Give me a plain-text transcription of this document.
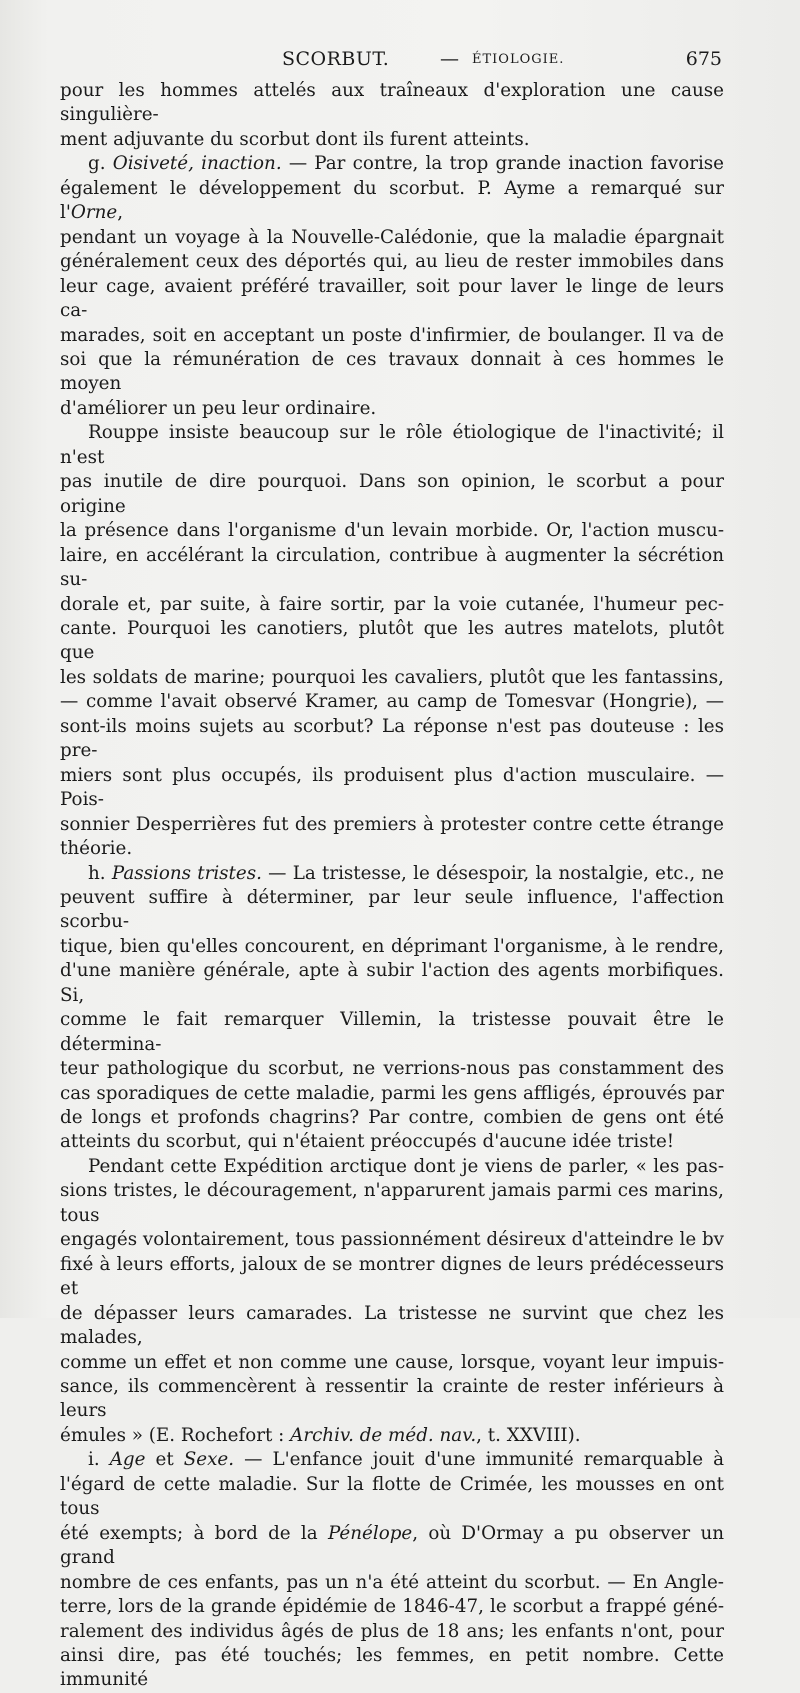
SCORBUT.	— ÉTIOLOGIE.	675

pour les hommes attelés aux traîneaux d'exploration une cause singulière-

ment adjuvante du scorbut dont ils furent atteints.

g. Oisiveté, inaction. — Par contre, la trop grande inaction favorise

également le développement du scorbut. P. Ayme a remarqué sur l'Orne,

pendant un voyage à la Nouvelle-Calédonie, que la maladie épargnait

généralement ceux des déportés qui, au lieu de rester immobiles dans

leur cage, avaient préféré travailler, soit pour laver le linge de leurs ca-

marades, soit en acceptant un poste d'infirmier, de boulanger. Il va de

soi que la rémunération de ces travaux donnait à ces hommes le moyen

d'améliorer un peu leur ordinaire.

Rouppe insiste beaucoup sur le rôle étiologique de l'inactivité; il n'est

pas inutile de dire pourquoi. Dans son opinion, le scorbut a pour origine

la présence dans l'organisme d'un levain morbide. Or, l'action muscu-

laire, en accélérant la circulation, contribue à augmenter la sécrétion su-

dorale et, par suite, à faire sortir, par la voie cutanée, l'humeur pec-

cante. Pourquoi les canotiers, plutôt que les autres matelots, plutôt que

les soldats de marine; pourquoi les cavaliers, plutôt que les fantassins,

— comme l'avait observé Kramer, au camp de Tomesvar (Hongrie), —

sont-ils moins sujets au scorbut? La réponse n'est pas douteuse : les pre-

miers sont plus occupés, ils produisent plus d'action musculaire. — Pois-

sonnier Desperrières fut des premiers à protester contre cette étrange

théorie.

h. Passions tristes. — La tristesse, le désespoir, la nostalgie, etc., ne

peuvent suffire à déterminer, par leur seule influence, l'affection scorbu-

tique, bien qu'elles concourent, en déprimant l'organisme, à le rendre,

d'une manière générale, apte à subir l'action des agents morbifiques. Si,

comme le fait remarquer Villemin, la tristesse pouvait être le détermina-

teur pathologique du scorbut, ne verrions-nous pas constamment des

cas sporadiques de cette maladie, parmi les gens affligés, éprouvés par

de longs et profonds chagrins? Par contre, combien de gens ont été

atteints du scorbut, qui n'étaient préoccupés d'aucune idée triste!

Pendant cette Expédition arctique dont je viens de parler, « les pas-

sions tristes, le découragement, n'apparurent jamais parmi ces marins, tous

engagés volontairement, tous passionnément désireux d'atteindre le bv

fixé à leurs efforts, jaloux de se montrer dignes de leurs prédécesseurs et

de dépasser leurs camarades. La tristesse ne survint que chez les malades,

comme un effet et non comme une cause, lorsque, voyant leur impuis-

sance, ils commencèrent à ressentir la crainte de rester inférieurs à leurs

émules » (E. Rochefort : Archiv. de méd. nav., t. XXVIII).

i. Age et Sexe. — L'enfance jouit d'une immunité remarquable à

l'égard de cette maladie. Sur la flotte de Crimée, les mousses en ont tous

été exempts; à bord de la Pénélope, où D'Ormay a pu observer un grand

nombre de ces enfants, pas un n'a été atteint du scorbut. — En Angle-

terre, lors de la grande épidémie de 1846-47, le scorbut a frappé géné-

ralement des individus âgés de plus de 18 ans; les enfants n'ont, pour

ainsi dire, pas été touchés; les femmes, en petit nombre. Cette immunité
